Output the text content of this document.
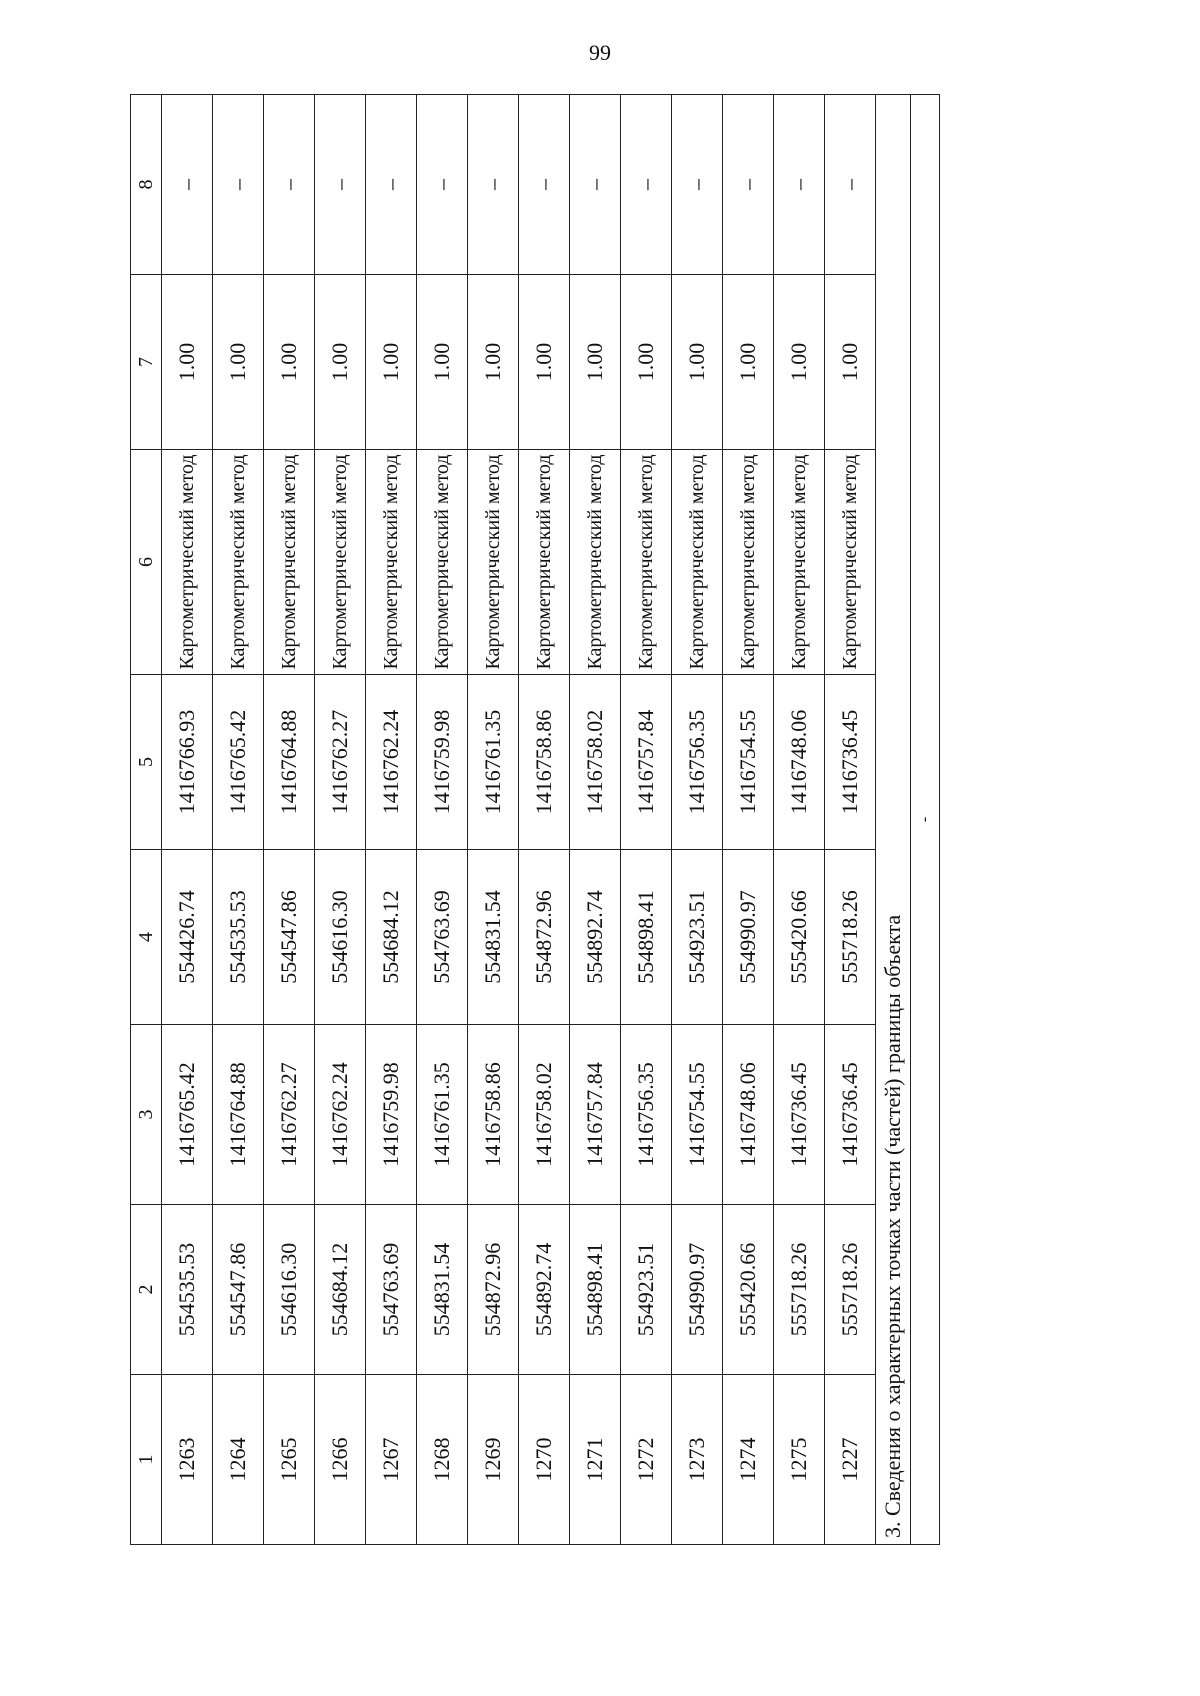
99
1	2	3	4	5	6	7	8
1263	554535.53	1416765.42	554426.74	1416766.93	Картометрический метод	1.00	–
1264	554547.86	1416764.88	554535.53	1416765.42	Картометрический метод	1.00	–
1265	554616.30	1416762.27	554547.86	1416764.88	Картометрический метод	1.00	–
1266	554684.12	1416762.24	554616.30	1416762.27	Картометрический метод	1.00	–
1267	554763.69	1416759.98	554684.12	1416762.24	Картометрический метод	1.00	–
1268	554831.54	1416761.35	554763.69	1416759.98	Картометрический метод	1.00	–
1269	554872.96	1416758.86	554831.54	1416761.35	Картометрический метод	1.00	–
1270	554892.74	1416758.02	554872.96	1416758.86	Картометрический метод	1.00	–
1271	554898.41	1416757.84	554892.74	1416758.02	Картометрический метод	1.00	–
1272	554923.51	1416756.35	554898.41	1416757.84	Картометрический метод	1.00	–
1273	554990.97	1416754.55	554923.51	1416756.35	Картометрический метод	1.00	–
1274	555420.66	1416748.06	554990.97	1416754.55	Картометрический метод	1.00	–
1275	555718.26	1416736.45	555420.66	1416748.06	Картометрический метод	1.00	–
1227	555718.26	1416736.45	555718.26	1416736.45	Картометрический метод	1.00	–
3. Сведения о характерных точках части (частей) границы объекта							
-							
